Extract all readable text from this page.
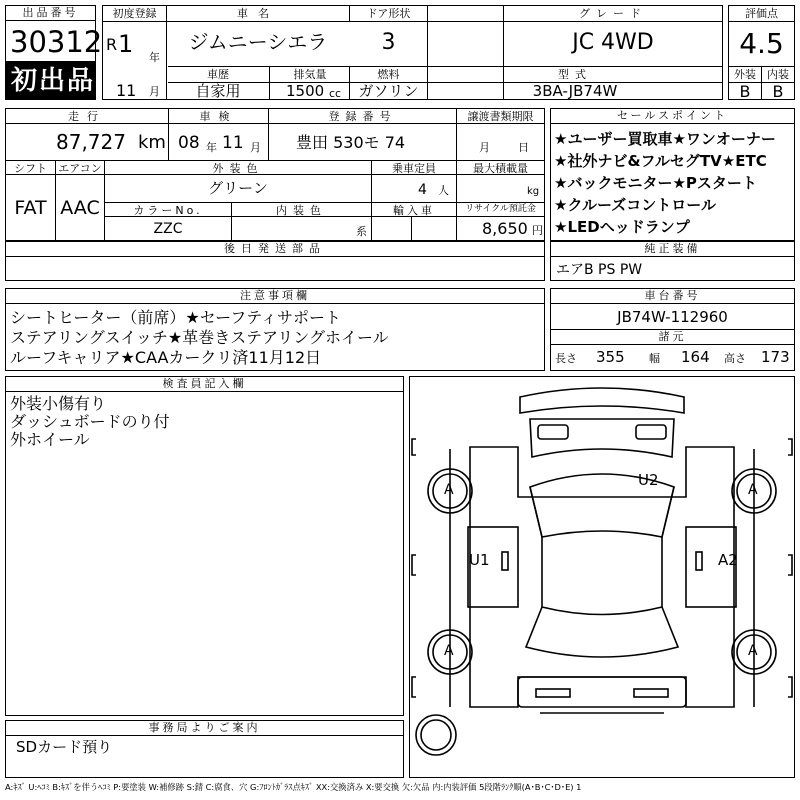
出品番号
30312
初出品
初度登録
R 1 年
11 月
車名
ジムニーシエラ
ドア形状
3
グレード
JC 4WD
車歴
自家用
排気量
1500 cc
燃料
ガソリン
型式
3BA-JB74W
評価点
4.5
外装	内装
B	B
走行
87,727 km
車検
08 年 11 月
登録番号
豊田 530モ 74
譲渡書類期限
月	日
シフト
FAT
エアコン
AAC
外装色
グリーン
乗車定員
4 人
最大積載量
kg
カラーNo.
ZZC
内装色
系
輸入車	リサイクル預託金
8,650 円
後日発送部品
セールスポイント
★ユーザー買取車★ワンオーナー
★社外ナビ&フルセグTV★ETC
★バックモニター★Pスタート
★クルーズコントロール
★LEDヘッドランプ
純正装備
エアB PS PW
注意事項欄
シートヒーター（前席）★セーフティサポート
ステアリングスイッチ★革巻きステアリングホイール
ルーフキャリア★CAAカークリ済11月12日
車台番号
JB74W-112960
諸元
長さ 355 幅 164 高さ 173
検査員記入欄
外装小傷有り
ダッシュボードのり付
外ホイール
事務局よりご案内
SDカード預り
A	A
A	A
U2
U1	A2
A:ｷｽﾞ U:ﾍｺﾐ B:ｷｽﾞを伴うﾍｺﾐ P:要塗装 W:補修跡 S:錆 C:腐食、穴 G:ﾌﾛﾝﾄｶﾞﾗｽ点ｷｽﾞ XX:交換済み X:要交換 欠:欠品 内:内装評価 5段階ﾗﾝｸ順(A･B･C･D･E) 1
